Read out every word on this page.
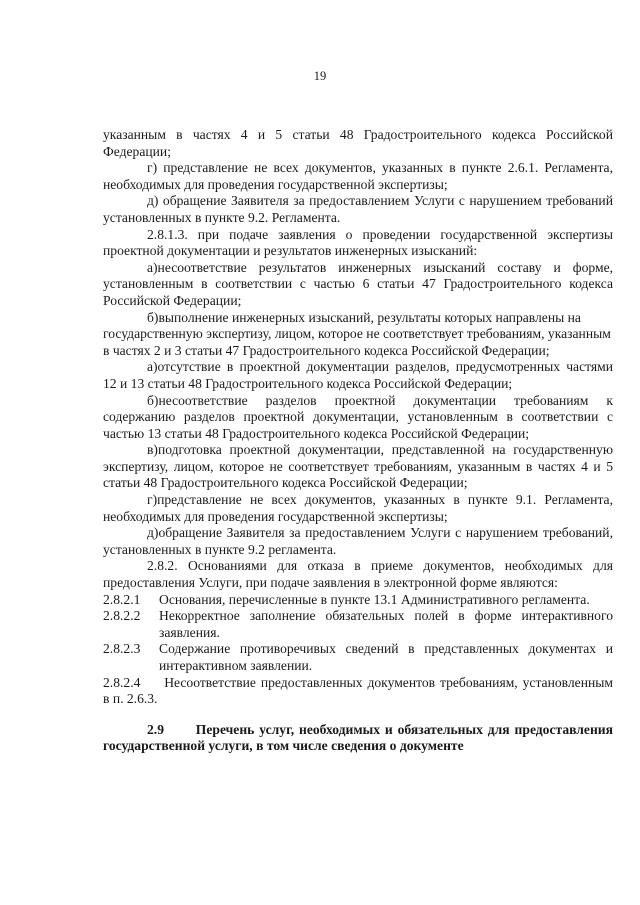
19

указанным в частях 4 и 5 статьи 48 Градостроительного кодекса Российской Федерации;

г) представление не всех документов, указанных в пункте 2.6.1. Регламента, необходимых для проведения государственной экспертизы;

д) обращение Заявителя за предоставлением Услуги с нарушением требований установленных в пункте 9.2. Регламента.

2.8.1.3. при подаче заявления о проведении государственной экспертизы проектной документации и результатов инженерных изысканий:

а)несоответствие результатов инженерных изысканий составу и форме, установленным в соответствии с частью 6 статьи 47 Градостроительного кодекса Российской Федерации;

б)выполнение инженерных изысканий, результаты которых направлены на

государственную экспертизу, лицом, которое не соответствует требованиям, указанным

в частях 2 и 3 статьи 47 Градостроительного кодекса Российской Федерации;

а)отсутствие в проектной документации разделов, предусмотренных частями 12 и 13 статьи 48 Градостроительного кодекса Российской Федерации;

б)несоответствие разделов проектной документации требованиям к содержанию разделов проектной документации, установленным в соответствии с частью 13 статьи 48 Градостроительного кодекса Российской Федерации;

в)подготовка проектной документации, представленной на государственную экспертизу, лицом, которое не соответствует требованиям, указанным в частях 4 и 5 статьи 48 Градостроительного кодекса Российской Федерации;

г)представление не всех документов, указанных в пункте 9.1. Регламента, необходимых для проведения государственной экспертизы;

д)обращение Заявителя за предоставлением Услуги с нарушением требований, установленных в пункте 9.2 регламента.

2.8.2. Основаниями для отказа в приеме документов, необходимых для предоставления Услуги, при подаче заявления в электронной форме являются:

2.8.2.1	Основания, перечисленные в пункте 13.1 Административного регламента.
2.8.2.2	Некорректное заполнение обязательных полей в форме интерактивного заявления.
2.8.2.3	Содержание противоречивых сведений в представленных документах и интерактивном заявлении.

2.8.2.4 Несоответствие предоставленных документов требованиям, установленным в п. 2.6.3.

2.9 Перечень услуг, необходимых и обязательных для предоставления государственной услуги, в том числе сведения о документе
